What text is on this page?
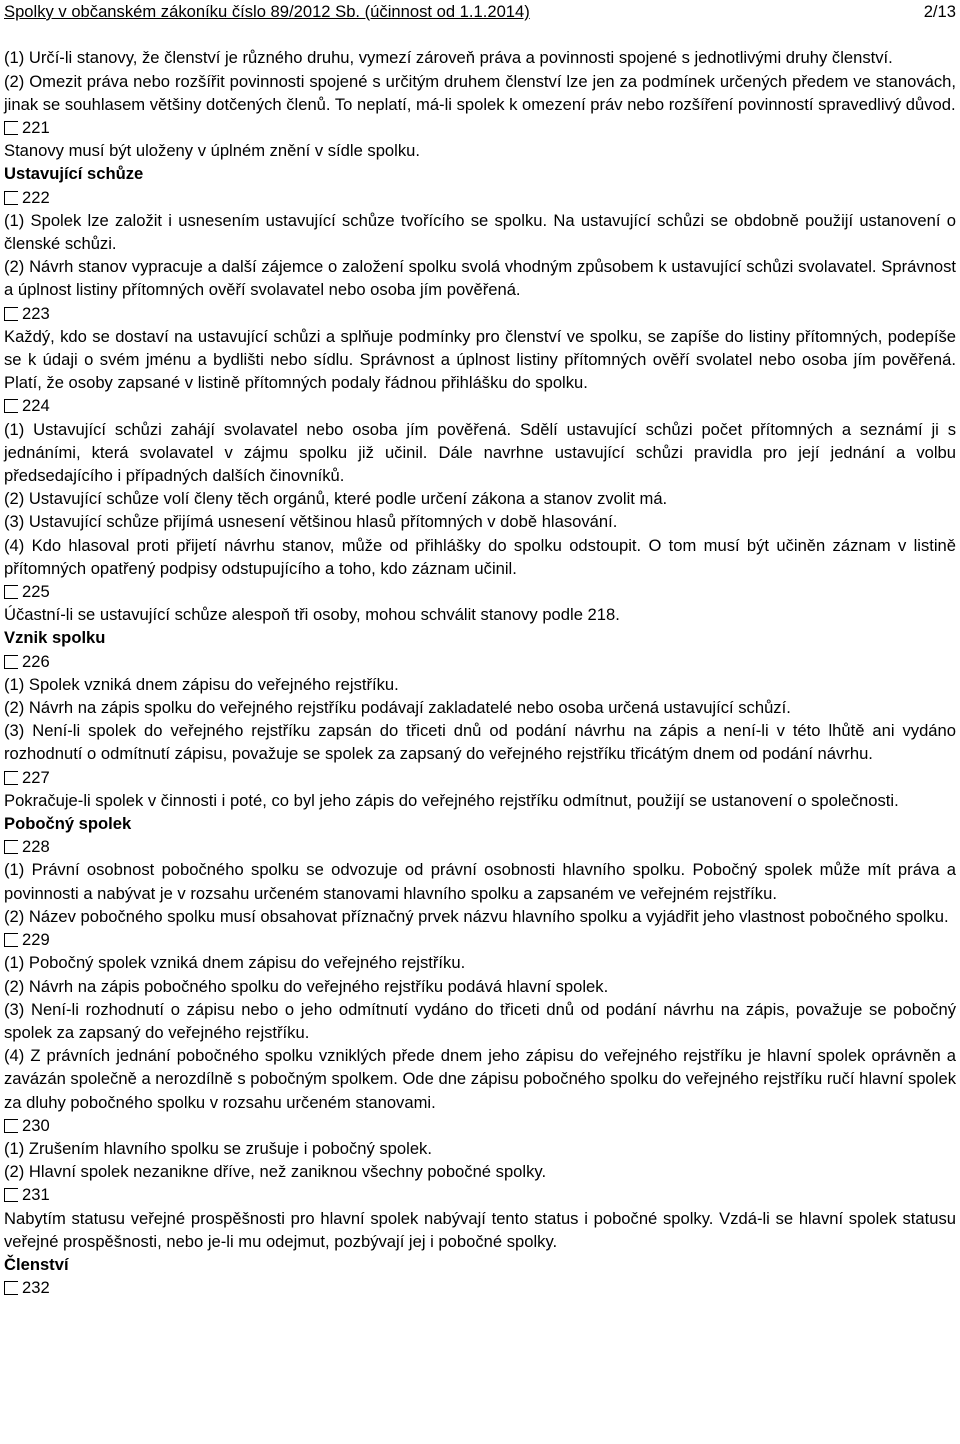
Spolky v občanském zákoníku číslo 89/2012 Sb. (účinnost od 1.1.2014)	2/13

(1) Určí-li stanovy, že členství je různého druhu, vymezí zároveň práva a povinnosti spojené s jednotlivými druhy členství.

(2) Omezit práva nebo rozšířit povinnosti spojené s určitým druhem členství lze jen za podmínek určených předem ve stanovách, jinak se souhlasem většiny dotčených členů. To neplatí, má-li spolek k omezení práv nebo rozšíření povinností spravedlivý důvod.

221

Stanovy musí být uloženy v úplném znění v sídle spolku.

Ustavující schůze

222

(1) Spolek lze založit i usnesením ustavující schůze tvořícího se spolku. Na ustavující schůzi se obdobně použijí ustanovení o členské schůzi.

(2) Návrh stanov vypracuje a další zájemce o založení spolku svolá vhodným způsobem k ustavující schůzi svolavatel. Správnost a úplnost listiny přítomných ověří svolavatel nebo osoba jím pověřená.

223

Každý, kdo se dostaví na ustavující schůzi a splňuje podmínky pro členství ve spolku, se zapíše do listiny přítomných, podepíše se k údaji o svém jménu a bydlišti nebo sídlu. Správnost a úplnost listiny přítomných ověří svolatel nebo osoba jím pověřená. Platí, že osoby zapsané v listině přítomných podaly řádnou přihlášku do spolku.

224

(1) Ustavující schůzi zahájí svolavatel nebo osoba jím pověřená. Sdělí ustavující schůzi počet přítomných a seznámí ji s jednáními, která svolavatel v zájmu spolku již učinil. Dále navrhne ustavující schůzi pravidla pro její jednání a volbu předsedajícího i případných dalších činovníků.

(2) Ustavující schůze volí členy těch orgánů, které podle určení zákona a stanov zvolit má.

(3) Ustavující schůze přijímá usnesení většinou hlasů přítomných v době hlasování.

(4) Kdo hlasoval proti přijetí návrhu stanov, může od přihlášky do spolku odstoupit. O tom musí být učiněn záznam v listině přítomných opatřený podpisy odstupujícího a toho, kdo záznam učinil.

225

Účastní-li se ustavující schůze alespoň tři osoby, mohou schválit stanovy podle 218.

Vznik spolku

226

(1) Spolek vzniká dnem zápisu do veřejného rejstříku.

(2) Návrh na zápis spolku do veřejného rejstříku podávají zakladatelé nebo osoba určená ustavující schůzí.

(3) Není-li spolek do veřejného rejstříku zapsán do třiceti dnů od podání návrhu na zápis a není-li v této lhůtě ani vydáno rozhodnutí o odmítnutí zápisu, považuje se spolek za zapsaný do veřejného rejstříku třicátým dnem od podání návrhu.

227

Pokračuje-li spolek v činnosti i poté, co byl jeho zápis do veřejného rejstříku odmítnut, použijí se ustanovení o společnosti.

Pobočný spolek

228

(1) Právní osobnost pobočného spolku se odvozuje od právní osobnosti hlavního spolku. Pobočný spolek může mít práva a povinnosti a nabývat je v rozsahu určeném stanovami hlavního spolku a zapsaném ve veřejném rejstříku.

(2) Název pobočného spolku musí obsahovat příznačný prvek názvu hlavního spolku a vyjádřit jeho vlastnost pobočného spolku.

229

(1) Pobočný spolek vzniká dnem zápisu do veřejného rejstříku.

(2) Návrh na zápis pobočného spolku do veřejného rejstříku podává hlavní spolek.

(3) Není-li rozhodnutí o zápisu nebo o jeho odmítnutí vydáno do třiceti dnů od podání návrhu na zápis, považuje se pobočný spolek za zapsaný do veřejného rejstříku.

(4) Z právních jednání pobočného spolku vzniklých přede dnem jeho zápisu do veřejného rejstříku je hlavní spolek oprávněn a zavázán společně a nerozdílně s pobočným spolkem. Ode dne zápisu pobočného spolku do veřejného rejstříku ručí hlavní spolek za dluhy pobočného spolku v rozsahu určeném stanovami.

230

(1) Zrušením hlavního spolku se zrušuje i pobočný spolek.

(2) Hlavní spolek nezanikne dříve, než zaniknou všechny pobočné spolky.

231

Nabytím statusu veřejné prospěšnosti pro hlavní spolek nabývají tento status i pobočné spolky. Vzdá-li se hlavní spolek statusu veřejné prospěšnosti, nebo je-li mu odejmut, pozbývají jej i pobočné spolky.

Členství

232
